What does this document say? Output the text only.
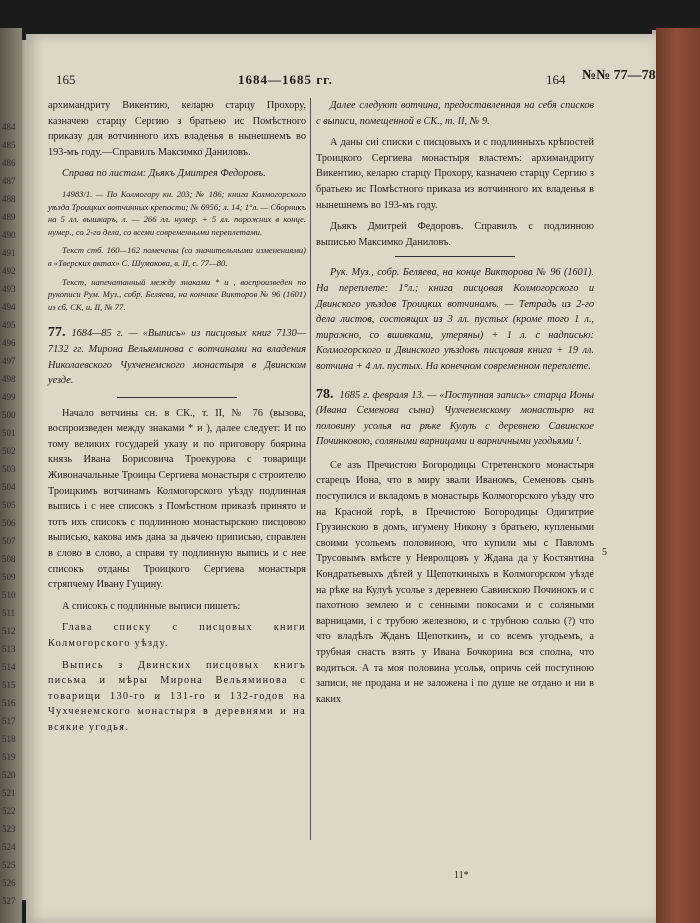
484
485
486
487
488
489
490
491
492
493
494
495
496
497
498
499
500
501
502
503
504
505
506
507
508
509
510
511
512
513
514
515
516
517
518
519
520
521
522
523
524
525
526
527
165	1684—1685 гг.	164 №№ 77—78

архимандриту Викентию, келарю старцу Прохору, казначею старцу Сергию з братьею ис Помѣстного приказу для вотчинного ихъ владенья в нынешнемъ во 193-мъ году.—Справилъ Максимко Даниловъ.

Справа по листам: Дьякъ Дмитрея Федоровъ.

14983/1. — По Колмогору кн. 203; № 186; книга Колмогорского уѣзда Троицких вотчинных крепости; № 6956; л. 14; 1°л. — Сборникъ на 5 лл. вышкаръ, л. — 266 лл. нумер. + 5 лл. порожних в конце. нумер., со 2-го дела, со всеми современными переплетами.

Текст стб. 160—162 помечены (со значительными изменениями) в «Тверских актах» С. Шумакова, в. II, с. 77—80.

Текст, напечатанный между знаками * и , воспроизведен по рукописи Рум. Муз., собр. Беляева, на кончике Викторов № 96 (1601) из сб. СК, и. II, № 77.

77. 1684—85 г. — «Выпись» из писцовых книг 7130—7132 гг. Мирона Вельяминова с вотчинами на владения Николаевского Чухченемского монастыря в Двинском уезде.

Начало вотчины сн. в СК., т. II, № 76 (вызова, воспроизведен между знаками * и ), далее следует: И по тому великих государей указу и по приговору боярина князь Ивана Борисовича Троекурова с товарищи Живоначальные Троицы Сергиева монастыря с строителю Троицкимъ вотчинамъ Колмогорского уѣзду подлинная выпись і с нее списокъ з Помѣстном приказѣ принято и тотъ ихъ списокъ с подлинною монастырскою писцовою выписью, какова имъ дана за дьячею приписью, справлен в слово в слово, а справя ту подлинную выпись и с нее списокъ отданы Троицкого Сергиева монастыря стряпчему Ивану Гущину.

А списокъ с подлинные выписи пишетъ:

Глава списку с писцовых книги Колмогорского уѣзду.

Выпись з Двинских писцовых книгъ письма и мѣры Мирона Вельяминова с товарищи 130-го и 131-го и 132-годов на Чухченемского монастыря в деревнями и на всякие угодья.

Далее следуют вотчина, предоставленная на себя списков с выписи, помещенной в СК., т. II, № 9.

А даны сиі списки с писцовыхъ и с подлинныхъ крѣпостей Троицкого Сергиева монастыря властемъ: архимандриту Викентию, келарю старцу Прохору, казначею старцу Сергию з братьею ис Помѣстного приказа из вотчинного их владенья в нынешнемъ во 193-мъ году.

Дьякъ Дмитрей Федоровъ. Справилъ с подлинною выписью Максимко Даниловъ.

Рук. Муз., собр. Беляева, на конце Викторова № 96 (1601). На переплете: 1°л.; книга писцовая Колмогорского и Двинского уѣздов Троицких вотчинамъ. — Тетрадь из 2-го дела листов, состоящих из 3 лл. пустых (кроме того 1 л., тиражно, со вшивками, утеряны) + 1 л. с надписью: Колмогорского и Двинского уѣздовъ писцовая книга + 19 лл. вотчина + 4 лл. пустых. На конечном современном переплете.

78. 1685 г. февраля 13. — «Поступная запись» старца Ионы (Ивана Семенова сына) Чухченемскому монастырю на половину усолья на рѣке Кулуѣ с деревнею Савинское Починковою, соляными варницами и варничными угодьями ¹.

Се азъ Пречистою Богородицы Стретенского монастыря старецъ Иона, что в миру звали Иваномъ, Семеновъ сынъ поступился и вкладомъ в монастырь Колмогорского уѣзду что на Красной горѣ, в Пречистою Богородицы Одигитрие Грузинскою в домъ, игумену Никону з братьею, куплеными своими усольемъ половиною, что купили мы с Павломъ Трусовымъ вмѣсте у Невролцовъ у Ждана да у Костянтина Кондратьевыхъ дѣтей у Щепоткиныхъ в Колмогорском уѣзде на рѣке на Кулуѣ усолье з деревнею Савинскою Починокъ и с пахотною землею и с сенными покосами и с соляными варницами, і с трубою железною, и с трубною солью (?) что что владѣлъ Жданъ Щепоткинъ, и со всемъ угодьемъ, а трубная снасть взять у Ивана Бочкорина вся сполна, что водиться. А та моя половина усолья, опричь сей поступною записи, не продана и не заложена і по душе не отдано и ни в каких

5
11*
